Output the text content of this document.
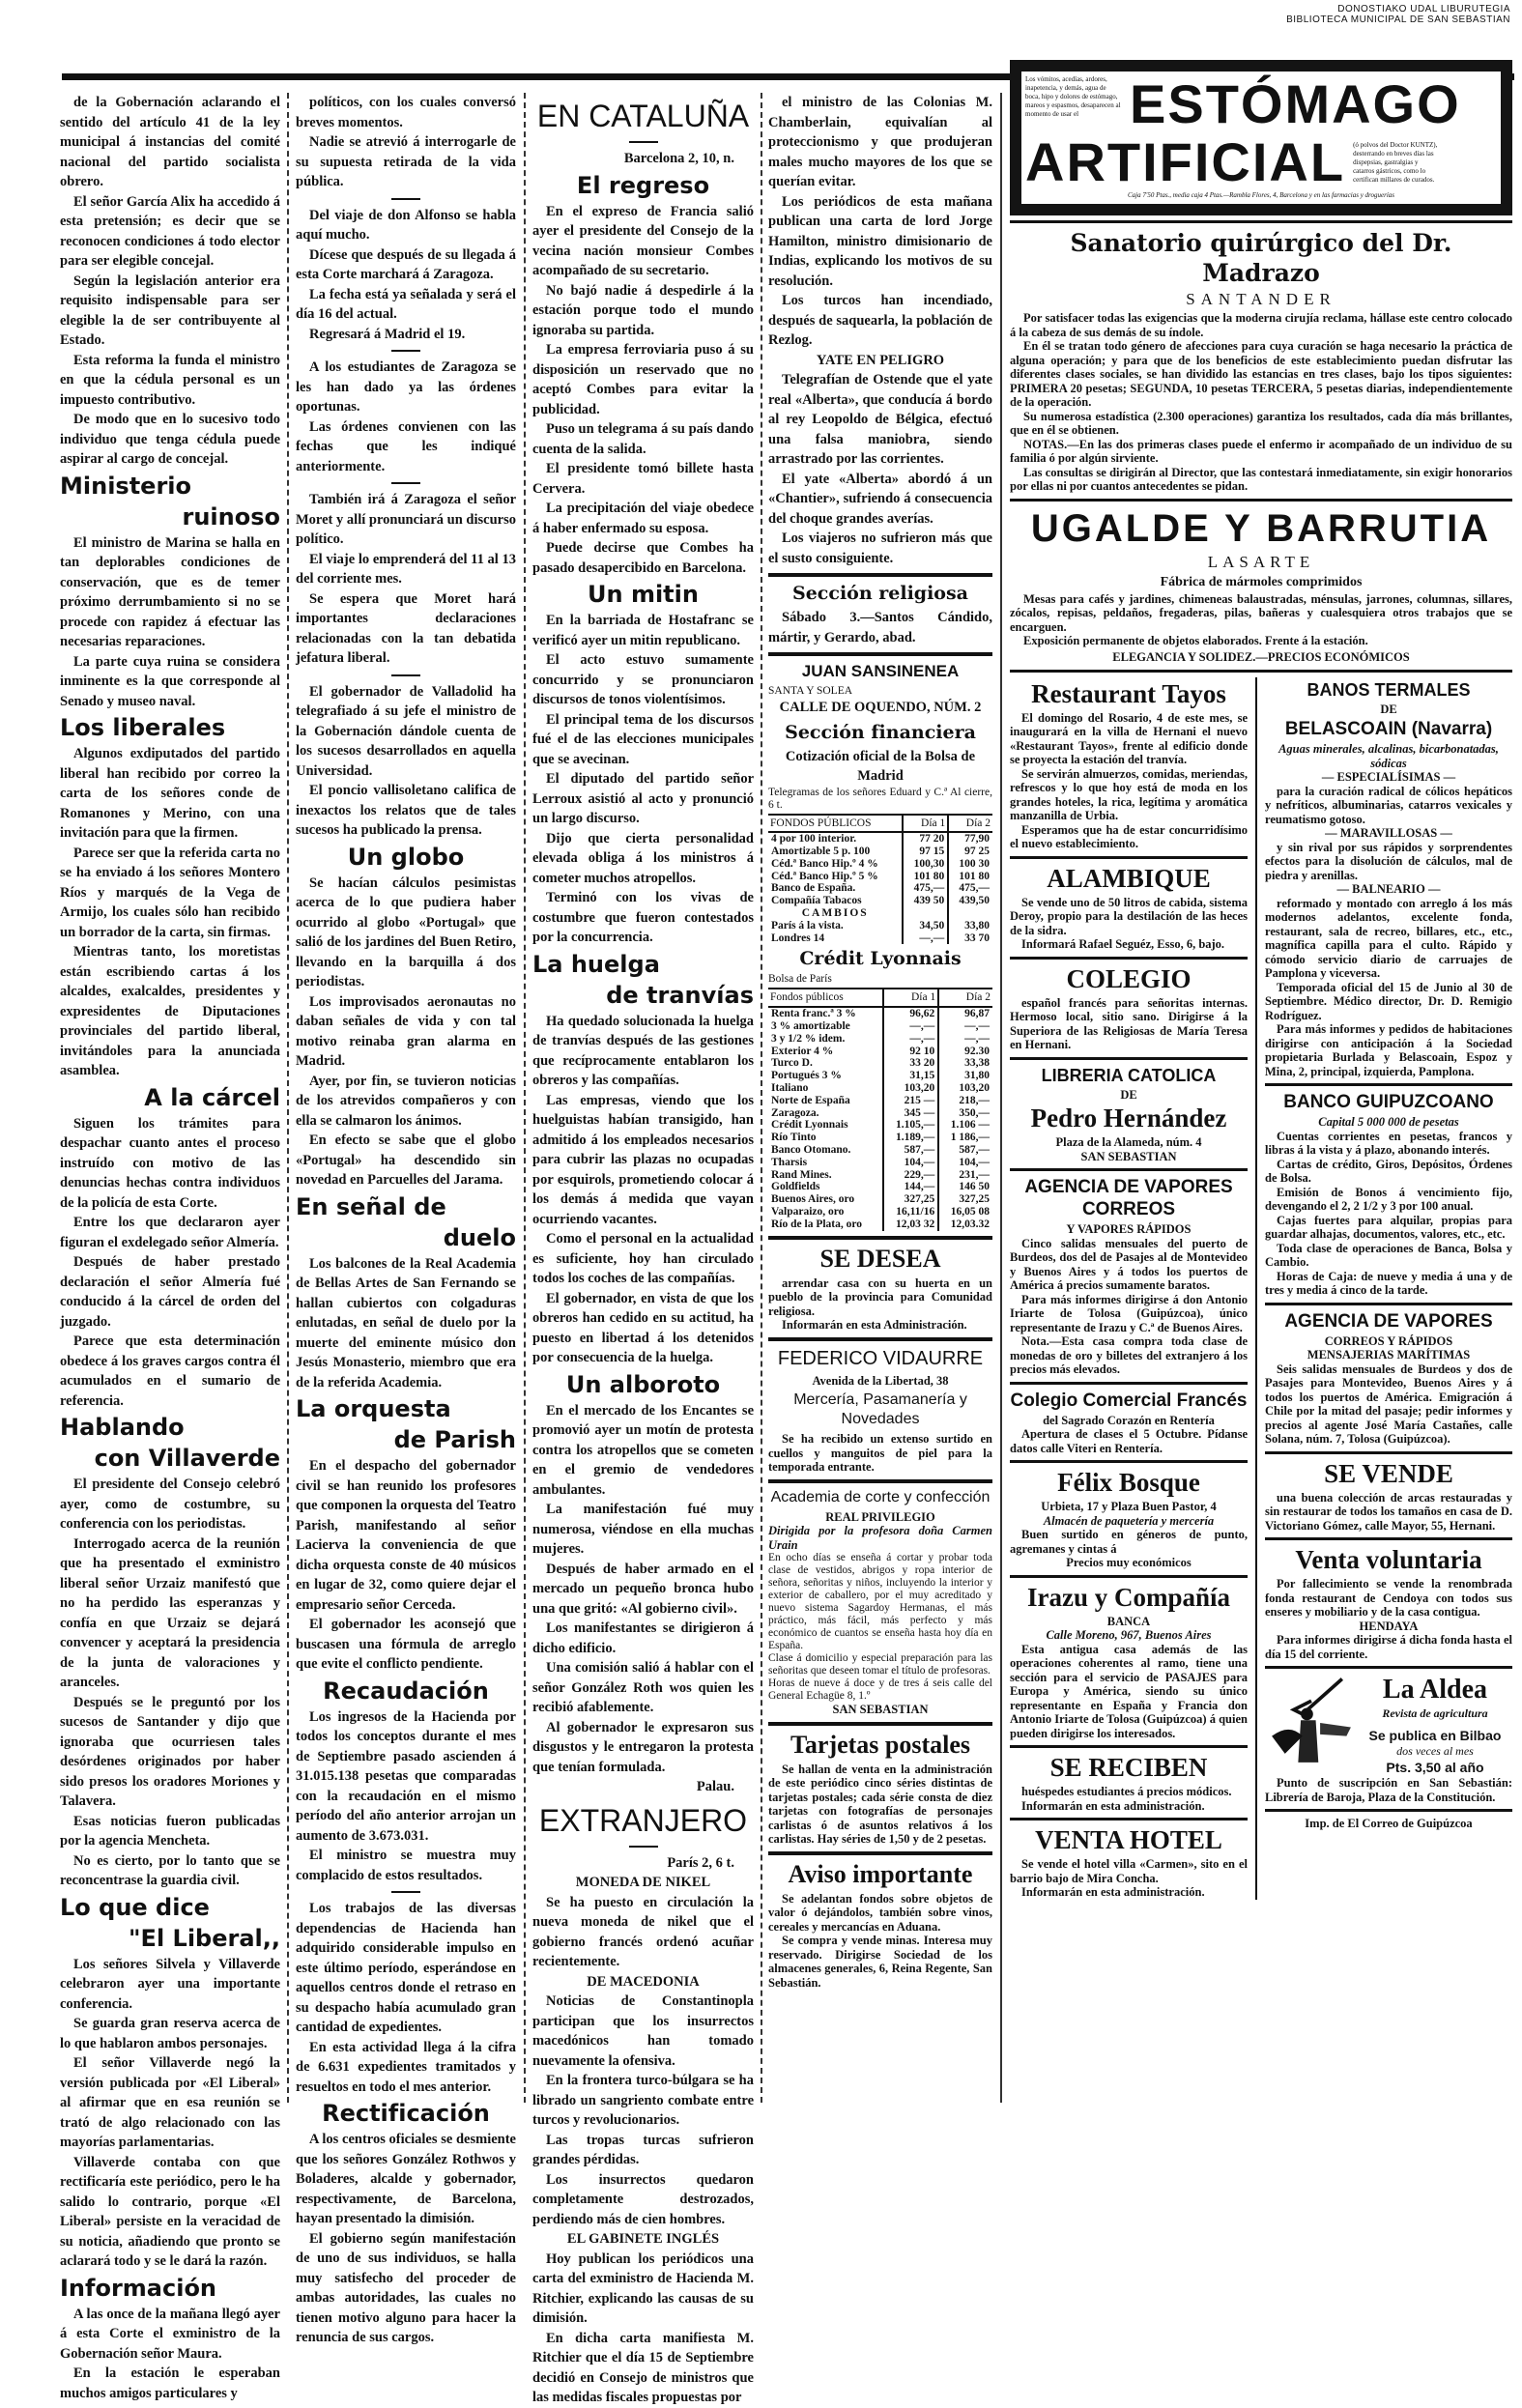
DONOSTIAKO UDAL LIBURUTEGIA
BIBLIOTECA MUNICIPAL DE SAN SEBASTIAN

de la Gobernación aclarando el sentido del artículo 41 de la ley municipal á instancias del comité nacional del partido socialista obrero.

El señor García Alix ha accedido á esta pretensión; es decir que se reconocen condiciones á todo elector para ser elegible concejal.

Según la legislación anterior era requisito indispensable para ser elegible la de ser contribuyente al Estado.

Esta reforma la funda el ministro en que la cédula personal es un impuesto contributivo.

De modo que en lo sucesivo todo individuo que tenga cédula puede aspirar al cargo de concejal.

Ministerio
ruinoso

El ministro de Marina se halla en tan deplorables condiciones de conservación, que es de temer próximo derrumbamiento si no se procede con rapidez á efectuar las necesarias reparaciones.

La parte cuya ruina se considera inminente es la que corresponde al Senado y museo naval.

Los liberales

Algunos exdiputados del partido liberal han recibido por correo la carta de los señores conde de Romanones y Merino, con una invitación para que la firmen.

Parece ser que la referida carta no se ha enviado á los señores Montero Ríos y marqués de la Vega de Armijo, los cuales sólo han recibido un borrador de la carta, sin firmas.

Mientras tanto, los moretistas están escribiendo cartas á los alcaldes, exalcaldes, presidentes y expresidentes de Diputaciones provinciales del partido liberal, invitándoles para la anunciada asamblea.

A la cárcel

Siguen los trámites para despachar cuanto antes el proceso instruído con motivo de las denuncias hechas contra individuos de la policía de esta Corte.

Entre los que declararon ayer figuran el exdelegado señor Almería.

Después de haber prestado declaración el señor Almería fué conducido á la cárcel de orden del juzgado.

Parece que esta determinación obedece á los graves cargos contra él acumulados en el sumario de referencia.

Hablando
con Villaverde

El presidente del Consejo celebró ayer, como de costumbre, su conferencia con los periodistas.

Interrogado acerca de la reunión que ha presentado el exministro liberal señor Urzaiz manifestó que no ha perdido las esperanzas y confía en que Urzaiz se dejará convencer y aceptará la presidencia de la junta de valoraciones y aranceles.

Después se le preguntó por los sucesos de Santander y dijo que ignoraba que ocurriesen tales desórdenes originados por haber sido presos los oradores Moriones y Talavera.

Esas noticias fueron publicadas por la agencia Mencheta.

No es cierto, por lo tanto que se reconcentrase la guardia civil.

Lo que dice
"El Liberal,,

Los señores Silvela y Villaverde celebraron ayer una importante conferencia.

Se guarda gran reserva acerca de lo que hablaron ambos personajes.

El señor Villaverde negó la versión publicada por «El Liberal» al afirmar que en esa reunión se trató de algo relacionado con las mayorías parlamentarias.

Villaverde contaba con que rectificaría este periódico, pero le ha salido lo contrario, porque «El Liberal» persiste en la veracidad de su noticia, añadiendo que pronto se aclarará todo y se le dará la razón.

Información

A las once de la mañana llegó ayer á esta Corte el exministro de la Gobernación señor Maura.

En la estación le esperaban muchos amigos particulares y

políticos, con los cuales conversó breves momentos.

Nadie se atrevió á interrogarle de su supuesta retirada de la vida pública.

Del viaje de don Alfonso se habla aquí mucho.

Dícese que después de su llegada á esta Corte marchará á Zaragoza.

La fecha está ya señalada y será el día 16 del actual.

Regresará á Madrid el 19.

A los estudiantes de Zaragoza se les han dado ya las órdenes oportunas.

Las órdenes convienen con las fechas que les indiqué anteriormente.

También irá á Zaragoza el señor Moret y allí pronunciará un discurso político.

El viaje lo emprenderá del 11 al 13 del corriente mes.

Se espera que Moret hará importantes declaraciones relacionadas con la tan debatida jefatura liberal.

El gobernador de Valladolid ha telegrafiado á su jefe el ministro de la Gobernación dándole cuenta de los sucesos desarrollados en aquella Universidad.

El poncio vallisoletano califica de inexactos los relatos que de tales sucesos ha publicado la prensa.

Un globo

Se hacían cálculos pesimistas acerca de lo que pudiera haber ocurrido al globo «Portugal» que salió de los jardines del Buen Retiro, llevando en la barquilla á dos periodistas.

Los improvisados aeronautas no daban señales de vida y con tal motivo reinaba gran alarma en Madrid.

Ayer, por fin, se tuvieron noticias de los atrevidos compañeros y con ella se calmaron los ánimos.

En efecto se sabe que el globo «Portugal» ha descendido sin novedad en Parcuelles del Jarama.

En señal de
duelo

Los balcones de la Real Academia de Bellas Artes de San Fernando se hallan cubiertos con colgaduras enlutadas, en señal de duelo por la muerte del eminente músico don Jesús Monasterio, miembro que era de la referida Academia.

La orquesta
de Parish

En el despacho del gobernador civil se han reunido los profesores que componen la orquesta del Teatro Parish, manifestando al señor Lacierva la conveniencia de que dicha orquesta conste de 40 músicos en lugar de 32, como quiere dejar el empresario señor Cerceda.

El gobernador les aconsejó que buscasen una fórmula de arreglo que evite el conflicto pendiente.

Recaudación

Los ingresos de la Hacienda por todos los conceptos durante el mes de Septiembre pasado ascienden á 31.015.138 pesetas que comparadas con la recaudación en el mismo período del año anterior arrojan un aumento de 3.673.031.

El ministro se muestra muy complacido de estos resultados.

Los trabajos de las diversas dependencias de Hacienda han adquirido considerable impulso en este último período, esperándose en aquellos centros donde el retraso en su despacho había acumulado gran cantidad de expedientes.

En esta actividad llega á la cifra de 6.631 expedientes tramitados y resueltos en todo el mes anterior.

Rectificación

A los centros oficiales se desmiente que los señores González Rothwos y Boladeres, alcalde y gobernador, respectivamente, de Barcelona, hayan presentado la dimisión.

El gobierno según manifestación de uno de sus individuos, se halla muy satisfecho del proceder de ambas autoridades, las cuales no tienen motivo alguno para hacer la renuncia de sus cargos.

EN CATALUÑA
Barcelona 2, 10, n.
El regreso

En el expreso de Francia salió ayer el presidente del Consejo de la vecina nación monsieur Combes acompañado de su secretario.

No bajó nadie á despedirle á la estación porque todo el mundo ignoraba su partida.

La empresa ferroviaria puso á su disposición un reservado que no aceptó Combes para evitar la publicidad.

Puso un telegrama á su país dando cuenta de la salida.

El presidente tomó billete hasta Cervera.

La precipitación del viaje obedece á haber enfermado su esposa.

Puede decirse que Combes ha pasado desapercibido en Barcelona.

Un mitin

En la barriada de Hostafranc se verificó ayer un mitin republicano.

El acto estuvo sumamente concurrido y se pronunciaron discursos de tonos violentísimos.

El principal tema de los discursos fué el de las elecciones municipales que se avecinan.

El diputado del partido señor Lerroux asistió al acto y pronunció un largo discurso.

Dijo que cierta personalidad elevada obliga á los ministros á cometer muchos atropellos.

Terminó con los vivas de costumbre que fueron contestados por la concurrencia.

La huelga
de tranvías

Ha quedado solucionada la huelga de tranvías después de las gestiones que recíprocamente entablaron los obreros y las compañías.

Las empresas, viendo que los huelguistas habían transigido, han admitido á los empleados necesarios para cubrir las plazas no ocupadas por esquirols, prometiendo colocar á los demás á medida que vayan ocurriendo vacantes.

Como el personal en la actualidad es suficiente, hoy han circulado todos los coches de las compañías.

El gobernador, en vista de que los obreros han cedido en su actitud, ha puesto en libertad á los detenidos por consecuencia de la huelga.

Un alboroto

En el mercado de los Encantes se promovió ayer un motín de protesta contra los atropellos que se cometen en el gremio de vendedores ambulantes.

La manifestación fué muy numerosa, viéndose en ella muchas mujeres.

Después de haber armado en el mercado un pequeño bronca hubo una que gritó: «Al gobierno civil».

Los manifestantes se dirigieron á dicho edificio.

Una comisión salió á hablar con el señor González Roth wos quien les recibió afablemente.

Al gobernador le expresaron sus disgustos y le entregaron la protesta que tenían formulada.

Palau.
EXTRANJERO
París 2, 6 t.
MONEDA DE NIKEL

Se ha puesto en circulación la nueva moneda de nikel que el gobierno francés ordenó acuñar recientemente.

DE MACEDONIA

Noticias de Constantinopla participan que los insurrectos macedónicos han tomado nuevamente la ofensiva.

En la frontera turco-búlgara se ha librado un sangriento combate entre turcos y revolucionarios.

Las tropas turcas sufrieron grandes pérdidas.

Los insurrectos quedaron completamente destrozados, perdiendo más de cien hombres.

EL GABINETE INGLÉS

Hoy publican los periódicos una carta del exministro de Hacienda M. Ritchier, explicando las causas de su dimisión.

En dicha carta manifiesta M. Ritchier que el día 15 de Septiembre decidió en Consejo de ministros que las medidas fiscales propuestas por

el ministro de las Colonias M. Chamberlain, equivalían al proteccionismo y que produjeran males mucho mayores de los que se querían evitar.

Los periódicos de esta mañana publican una carta de lord Jorge Hamilton, ministro dimisionario de Indias, explicando los motivos de su resolución.

Los turcos han incendiado, después de saquearla, la población de Rezlog.

YATE EN PELIGRO

Telegrafían de Ostende que el yate real «Alberta», que conducía á bordo al rey Leopoldo de Bélgica, efectuó una falsa maniobra, siendo arrastrado por las corrientes.

El yate «Alberta» abordó á un «Chantier», sufriendo á consecuencia del choque grandes averías.

Los viajeros no sufrieron más que el susto consiguiente.

Sección religiosa

Sábado 3.—Santos Cándido, mártir, y Gerardo, abad.

JUAN SANSINENEA
SANTA Y SOLEA
CALLE DE OQUENDO, NÚM. 2
Sección financiera
Cotización oficial de la Bolsa de Madrid
Telegramas de los señores Eduard y C.ª Al cierre, 6 t.
FONDOS PÚBLICOS	Día 1	Día 2
4 por 100 interior.	77 20	77,90
Amortizable 5 p. 100	97 15	97 25
Céd.ª Banco Hip.º 4 %	100,30	100 30
Céd.ª Banco Hip.º 5 %	101 80	101 80
Banco de España.	475,—	475,—
Compañía Tabacos	439 50	439,50
CAMBIOS		
París á la vista.	34,50	33,80
Londres 14	—,—	33 70
Crédit Lyonnais
Bolsa de París
Fondos públicos	Día 1	Día 2
Renta franc.ª 3 %	96,62	96,87
3 % amortizable	—,—	—,—
3 y 1/2 % idem.	—,—	—,—
Exterior 4 %	92 10	92.30
Turco D.	33 20	33,38
Portugués 3 %	31,15	31,80
Italiano	103,20	103,20
Norte de España	215 —	218,—
Zaragoza.	345 —	350,—
Crédit Lyonnais	1.105,—	1.106 —
Río Tinto	1.189,—	1 186,—
Banco Otomano.	587,—	587,—
Tharsis	104,—	104,—
Rand Mines.	229,—	231,—
Goldfields	144,—	146 50
Buenos Aires, oro	327,25	327,25
Valparaizo, oro	16,11/16	16,05 08
Río de la Plata, oro	12,03 32	12,03.32
SE DESEA

arrendar casa con su huerta en un pueblo de la provincia para Comunidad religiosa.

Informarán en esta Administración.

FEDERICO VIDAURRE
Avenida de la Libertad, 38
Mercería, Pasamanería y Novedades

Se ha recibido un extenso surtido en cuellos y manguitos de piel para la temporada entrante.

Academia de corte y confección
REAL PRIVILEGIO
Dirigida por la profesora doña Carmen Urain
En ocho días se enseña á cortar y probar toda clase de vestidos, abrigos y ropa interior de señora, señoritas y niños, incluyendo la interior y exterior de caballero, por el muy acreditado y nuevo sistema Sagardoy Hermanas, el más práctico, más fácil, más perfecto y más económico de cuantos se enseña hasta hoy día en España.
Clase á domicilio y especial preparación para las señoritas que deseen tomar el título de profesoras.
Horas de nueve á doce y de tres á seis calle del General Echagüe 8, 1.º
SAN SEBASTIAN
Tarjetas postales

Se hallan de venta en la administración de este periódico cinco séries distintas de tarjetas postales; cada série consta de diez tarjetas con fotografías de personajes carlistas ó de asuntos relativos á los carlistas. Hay séries de 1,50 y de 2 pesetas.

Aviso importante

Se adelantan fondos sobre objetos de valor ó dejándolos, también sobre vinos, cereales y mercancías en Aduana.

Se compra y vende minas. Interesa muy reservado. Dirigirse Sociedad de los almacenes generales, 6, Reina Regente, San Sebastián.

Los vómitos, acedías, ardores, inapetencia, y demás, agua de boca, hipo y dolores de estómago, mareos y espasmos, desaparecen al momento de usar el ESTÓMAGO
ARTIFICIAL (ó polvos del Doctor KUNTZ), desterrando en breves días las dispepsias, gastralgias y catarros gástricos, como lo certifican millares de curados.
Caja 7'50 Ptas., media caja 4 Ptas.—Rambla Flores, 4, Barcelona y en las farmacias y droguerías
Sanatorio quirúrgico del Dr. Madrazo
SANTANDER

Por satisfacer todas las exigencias que la moderna cirujía reclama, hállase este centro colocado á la cabeza de sus demás de su índole.

En él se tratan todo género de afecciones para cuya curación se haga necesario la práctica de alguna operación; y para que de los beneficios de este establecimiento puedan disfrutar las diferentes clases sociales, se han dividido las estancias en tres clases, bajo los tipos siguientes: PRIMERA 20 pesetas; SEGUNDA, 10 pesetas TERCERA, 5 pesetas diarias, independientemente de la operación.

Su numerosa estadística (2.300 operaciones) garantiza los resultados, cada día más brillantes, que en él se obtienen.

NOTAS.—En las dos primeras clases puede el enfermo ir acompañado de un individuo de su familia ó por algún sirviente.

Las consultas se dirigirán al Director, que las contestará inmediatamente, sin exigir honorarios por ellas ni por cuantos antecedentes se pidan.

UGALDE Y BARRUTIA
LASARTE
Fábrica de mármoles comprimidos

Mesas para cafés y jardines, chimeneas balaustradas, ménsulas, jarrones, columnas, sillares, zócalos, repisas, peldaños, fregaderas, pilas, bañeras y cualesquiera otros trabajos que se encarguen.

Exposición permanente de objetos elaborados. Frente á la estación.

ELEGANCIA Y SOLIDEZ.—PRECIOS ECONÓMICOS
Restaurant Tayos

El domingo del Rosario, 4 de este mes, se inaugurará en la villa de Hernani el nuevo «Restaurant Tayos», frente al edificio donde se proyecta la estación del tranvía.

Se servirán almuerzos, comidas, meriendas, refrescos y lo que hoy está de moda en los grandes hoteles, la rica, legítima y aromática manzanilla de Urbia.

Esperamos que ha de estar concurridísimo el nuevo establecimiento.

ALAMBIQUE

Se vende uno de 50 litros de cabida, sistema Deroy, propio para la destilación de las heces de la sidra.

Informará Rafael Seguéz, Esso, 6, bajo.

COLEGIO

español francés para señoritas internas. Hermoso local, sitio sano. Dirigirse á la Superiora de las Religiosas de María Teresa en Hernani.

LIBRERIA CATOLICA
DE
Pedro Hernández
Plaza de la Alameda, núm. 4
SAN SEBASTIAN
AGENCIA DE VAPORES CORREOS
Y VAPORES RÁPIDOS

Cinco salidas mensuales del puerto de Burdeos, dos del de Pasajes al de Montevideo y Buenos Aires y á todos los puertos de América á precios sumamente baratos.

Para más informes dirigirse á don Antonio Iriarte de Tolosa (Guipúzcoa), único representante de Irazu y C.ª de Buenos Aires.

Nota.—Esta casa compra toda clase de monedas de oro y billetes del extranjero á los precios más elevados.

Colegio Comercial Francés
del Sagrado Corazón en Rentería

Apertura de clases el 5 Octubre. Pídanse datos calle Viteri en Rentería.

Félix Bosque
Urbieta, 17 y Plaza Buen Pastor, 4
Almacén de paquetería y mercería

Buen surtido en géneros de punto, agremanes y cintas á

Precios muy económicos
Irazu y Compañía
BANCA
Calle Moreno, 967, Buenos Aires

Esta antigua casa además de las operaciones coherentes al ramo, tiene una sección para el servicio de PASAJES para Europa y América, siendo su único representante en España y Francia don Antonio Iriarte de Tolosa (Guipúzcoa) á quien pueden dirigirse los interesados.

SE RECIBEN

huéspedes estudiantes á precios módicos.

Informarán en esta administración.

VENTA HOTEL

Se vende el hotel villa «Carmen», sito en el barrio bajo de Mira Concha.

Informarán en esta administración.

BANOS TERMALES
DE
BELASCOAIN (Navarra)
Aguas minerales, alcalinas, bicarbonatadas, sódicas
— ESPECIALÍSIMAS —

para la curación radical de cólicos hepáticos y nefríticos, albuminarias, catarros vexicales y reumatismo gotoso.

— MARAVILLOSAS —

y sin rival por sus rápidos y sorprendentes efectos para la disolución de cálculos, mal de piedra y arenillas.

— BALNEARIO —

reformado y montado con arreglo á los más modernos adelantos, excelente fonda, restaurant, sala de recreo, billares, etc., etc., magnífica capilla para el culto. Rápido y cómodo servicio diario de carruajes de Pamplona y viceversa.

Temporada oficial del 15 de Junio al 30 de Septiembre. Médico director, Dr. D. Remigio Rodríguez.

Para más informes y pedidos de habitaciones dirigirse con anticipación á la Sociedad propietaria Burlada y Belascoain, Espoz y Mina, 2, principal, izquierda, Pamplona.

BANCO GUIPUZCOANO
Capital 5 000 000 de pesetas

Cuentas corrientes en pesetas, francos y libras á la vista y á plazo, abonando interés.

Cartas de crédito, Giros, Depósitos, Órdenes de Bolsa.

Emisión de Bonos á vencimiento fijo, devengando el 2, 2 1/2 y 3 por 100 anual.

Cajas fuertes para alquilar, propias para guardar alhajas, documentos, valores, etc., etc.

Toda clase de operaciones de Banca, Bolsa y Cambio.

Horas de Caja: de nueve y media á una y de tres y media á cinco de la tarde.

AGENCIA DE VAPORES
CORREOS Y RÁPIDOS
MENSAJERIAS MARÍTIMAS

Seis salidas mensuales de Burdeos y dos de Pasajes para Montevideo, Buenos Aires y á todos los puertos de América. Emigración á Chile por la mitad del pasaje; pedir informes y precios al agente José María Castañes, calle Solana, núm. 7, Tolosa (Guipúzcoa).

SE VENDE

una buena colección de arcas restauradas y sin restaurar de todos los tamaños en casa de D. Victoriano Gómez, calle Mayor, 55, Hernani.

Venta voluntaria

Por fallecimiento se vende la renombrada fonda restaurant de Cendoya con todos sus enseres y mobiliario y de la casa contigua.

HENDAYA

Para informes dirigirse á dicha fonda hasta el día 15 del corriente.

La Aldea
Revista de agricultura
Se publica en Bilbao
dos veces al mes
Pts. 3,50 al año

Punto de suscripción en San Sebastián: Librería de Baroja, Plaza de la Constitución.

Imp. de El Correo de Guipúzcoa
